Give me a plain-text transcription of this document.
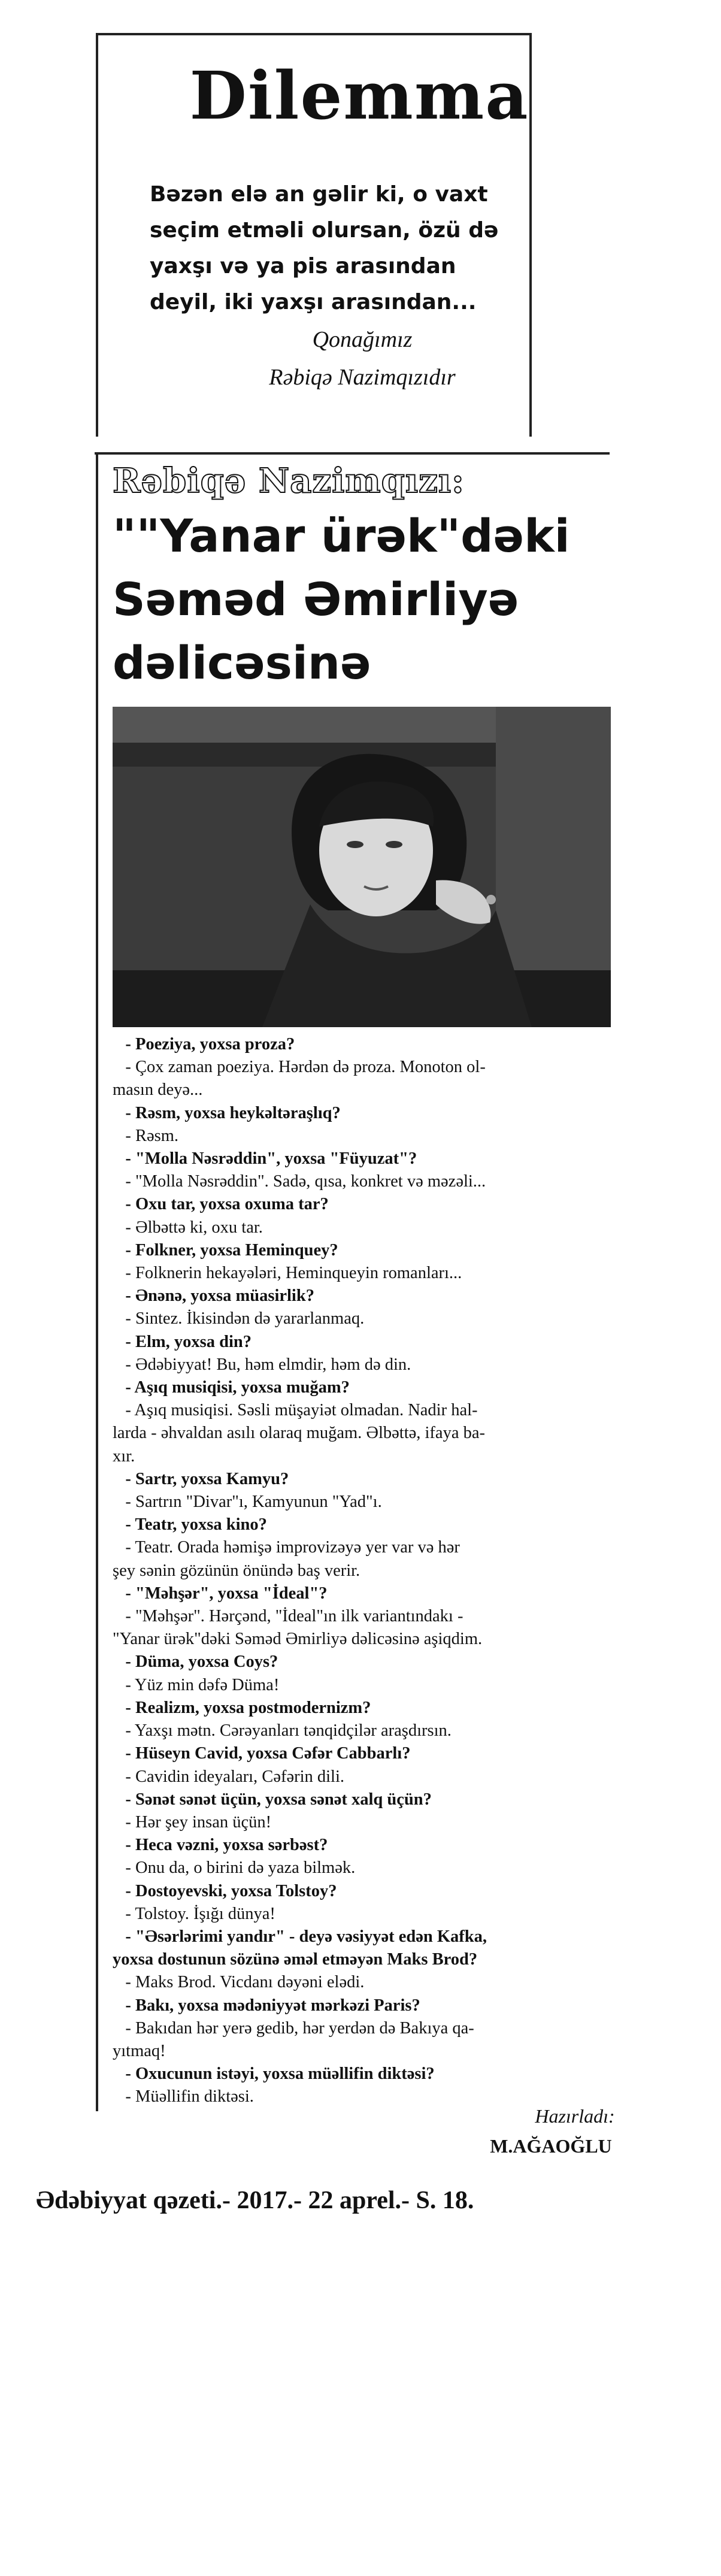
Dilemma
Bəzən elə an gəlir ki, o vaxt seçim etməli olursan, özü də yaxşı və ya pis arasından deyil, iki yaxşı arasından...
Qonağımız
Rəbiqə Nazimqızıdır
Rəbiqə Nazimqızı:
""Yanar ürək"dəki Səməd Əmirliyə dəlicəsinə

- Poeziya, yoxsa proza?

- Çox zaman poeziya. Hərdən də proza. Monoton ol-

masın deyə...

- Rəsm, yoxsa heykəltəraşlıq?

- Rəsm.

- "Molla Nəsrəddin", yoxsa "Füyuzat"?

- "Molla Nəsrəddin". Sadə, qısa, konkret və məzəli...

- Oxu tar, yoxsa oxuma tar?

- Əlbəttə ki, oxu tar.

- Folkner, yoxsa Heminquey?

- Folknerin hekayələri, Heminqueyin romanları...

- Ənənə, yoxsa müasirlik?

- Sintez. İkisindən də yararlanmaq.

- Elm, yoxsa din?

- Ədəbiyyat! Bu, həm elmdir, həm də din.

- Aşıq musiqisi, yoxsa muğam?

- Aşıq musiqisi. Səsli müşayiət olmadan. Nadir hal-

larda - əhvaldan asılı olaraq muğam. Əlbəttə, ifaya ba-

xır.

- Sartr, yoxsa Kamyu?

- Sartrın "Divar"ı, Kamyunun "Yad"ı.

- Teatr, yoxsa kino?

- Teatr. Orada həmişə improvizəyə yer var və hər

şey sənin gözünün önündə baş verir.

- "Məhşər", yoxsa "İdeal"?

- "Məhşər". Hərçənd, "İdeal"ın ilk variantındakı -

"Yanar ürək"dəki Səməd Əmirliyə dəlicəsinə aşiqdim.

- Düma, yoxsa Coys?

- Yüz min dəfə Düma!

- Realizm, yoxsa postmodernizm?

- Yaxşı mətn. Cərəyanları tənqidçilər araşdırsın.

- Hüseyn Cavid, yoxsa Cəfər Cabbarlı?

- Cavidin ideyaları, Cəfərin dili.

- Sənət sənət üçün, yoxsa sənət xalq üçün?

- Hər şey insan üçün!

- Heca vəzni, yoxsa sərbəst?

- Onu da, o birini də yaza bilmək.

- Dostoyevski, yoxsa Tolstoy?

- Tolstoy. İşığı dünya!

- "Əsərlərimi yandır" - deyə vəsiyyət edən Kafka,

yoxsa dostunun sözünə əməl etməyən Maks Brod?

- Maks Brod. Vicdanı dəyəni elədi.

- Bakı, yoxsa mədəniyyət mərkəzi Paris?

- Bakıdan hər yerə gedib, hər yerdən də Bakıya qa-

yıtmaq!

- Oxucunun istəyi, yoxsa müəllifin diktəsi?

- Müəllifin diktəsi.

Hazırladı:
M.AĞAOĞLU
Ədəbiyyat qəzeti.- 2017.- 22 aprel.- S. 18.
